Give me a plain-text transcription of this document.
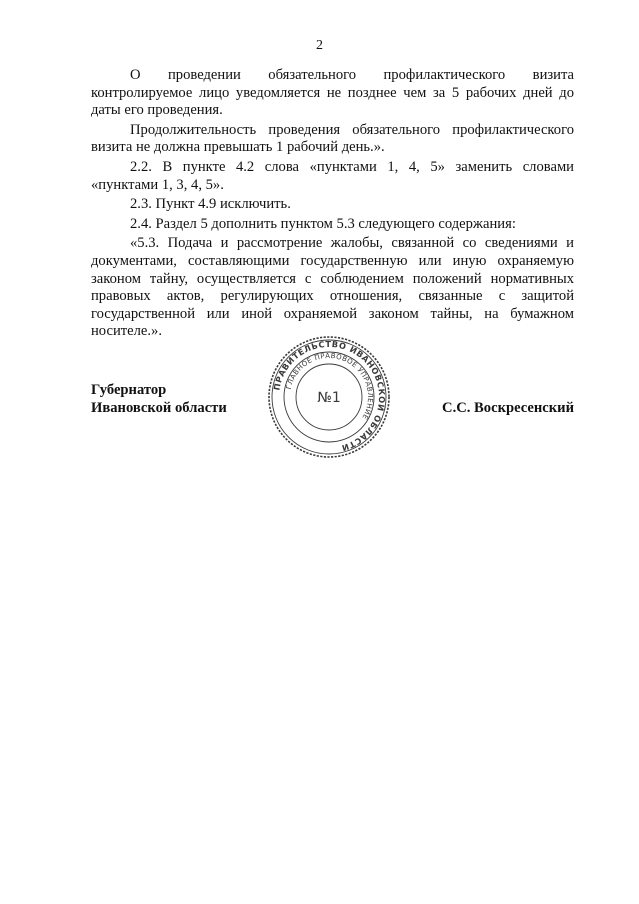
2

О проведении обязательного профилактического визита контролируемое лицо уведомляется не позднее чем за 5 рабочих дней до даты его проведения.

Продолжительность проведения обязательного профилактического визита не должна превышать 1 рабочий день.».

2.2. В пункте 4.2 слова «пунктами 1, 4, 5» заменить словами «пунктами 1, 3, 4, 5».

2.3. Пункт 4.9 исключить.

2.4. Раздел 5 дополнить пунктом 5.3 следующего содержания:

«5.3. Подача и рассмотрение жалобы, связанной со сведениями и документами, составляющими государственную или иную охраняемую законом тайну, осуществляется с соблюдением положений нормативных правовых актов, регулирующих отношения, связанные с защитой государственной или иной охраняемой законом тайны, на бумажном носителе.».

Губернатор
Ивановской области	С.С. Воскресенский
ПРАВИТЕЛЬСТВО ИВАНОВСКОЙ ОБЛАСТИ
ГЛАВНОЕ ПРАВОВОЕ УПРАВЛЕНИЕ
№1
